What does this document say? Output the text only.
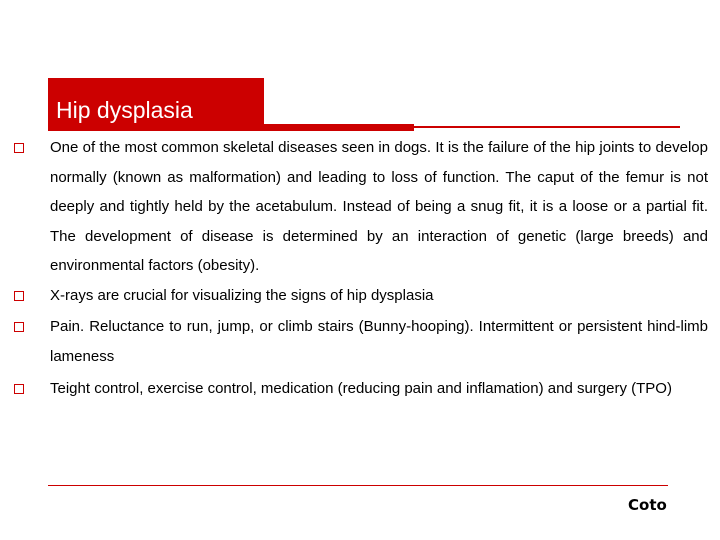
Hip dysplasia
One of the most common skeletal diseases seen in dogs. It is the failure of the hip joints to develop normally (known as malformation) and leading to loss of function. The caput of the femur is not deeply and tightly held by the acetabulum. Instead of being a snug fit, it is a loose or a partial fit. The development of disease is determined by an interaction of genetic (large breeds) and environmental factors (obesity).
X-rays are crucial for visualizing the signs of hip dysplasia
Pain. Reluctance to run, jump, or climb stairs (Bunny-hooping). Intermittent or persistent hind-limb lameness
Teight control, exercise control, medication (reducing pain and inflamation) and surgery (TPO)
Coto
